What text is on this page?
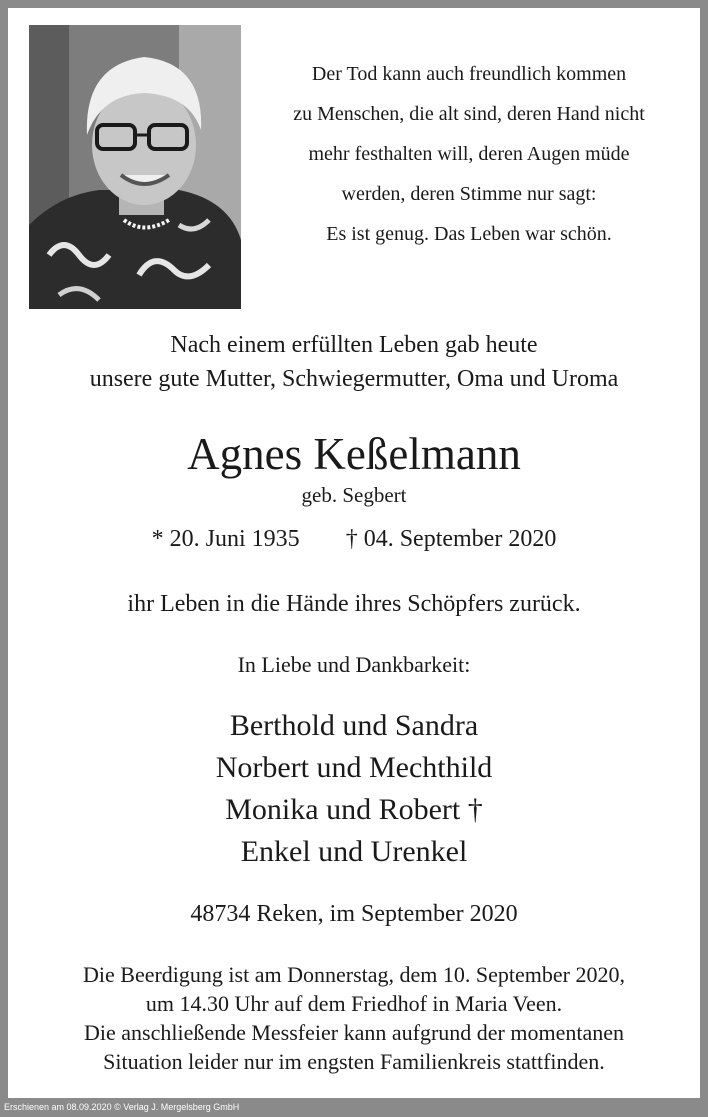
Der Tod kann auch freundlich kommen
zu Menschen, die alt sind, deren Hand nicht
mehr festhalten will, deren Augen müde
werden, deren Stimme nur sagt:
Es ist genug. Das Leben war schön.
Nach einem erfüllten Leben gab heute
unsere gute Mutter, Schwiegermutter, Oma und Uroma
Agnes Keßelmann
geb. Segbert
* 20. Juni 1935 † 04. September 2020
ihr Leben in die Hände ihres Schöpfers zurück.
In Liebe und Dankbarkeit:
Berthold und Sandra
Norbert und Mechthild
Monika und Robert †
Enkel und Urenkel
48734 Reken, im September 2020
Die Beerdigung ist am Donnerstag, dem 10. September 2020,
um 14.30 Uhr auf dem Friedhof in Maria Veen.
Die anschließende Messfeier kann aufgrund der momentanen
Situation leider nur im engsten Familienkreis stattfinden.
Erschienen am 08.09.2020 © Verlag J. Mergelsberg GmbH
